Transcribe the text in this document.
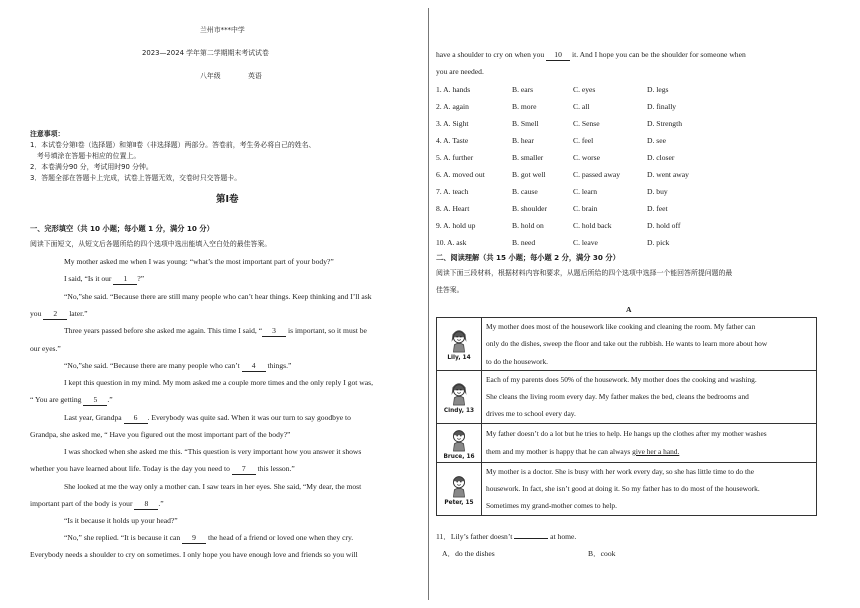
兰州市***中学
2023—2024 学年第二学期期末考试试卷
八年级	英语
注意事项：
1．本试卷分第Ⅰ卷（选择题）和第Ⅱ卷（非选择题）两部分。答卷前，考生务必将自己的姓名、
　考号填涂在答题卡相应的位置上。
2．本卷满分90 分，考试用时90 分钟。
3．答题全部在答题卡上完成，试卷上答题无效，交卷时只交答题卡。
第Ⅰ卷
一、完形填空（共 10 小题；每小题 1 分，满分 10 分）
阅读下面短文，从短文后各题所给的四个选项中选出能填入空白处的最佳答案。
My mother asked me when I was young: “what’s the most important part of your body?”
I said, “Is it our 1 ?”
“No,”she said. “Because there are still many people who can’t hear things. Keep thinking and I’ll ask
you 2 later.”
Three years passed before she asked me again. This time I said, “ 3 is important, so it must be
our eyes.”
“No,”she said. “Because there are many people who can’t 4 things.”
I kept this question in my mind. My mom asked me a couple more times and the only reply I got was,
“ You are getting 5 .”
Last year, Grandpa 6 . Everybody was quite sad. When it was our turn to say goodbye to
Grandpa, she asked me, “ Have you figured out the most important part of the body?”
I was shocked when she asked me this. “This question is very important how you answer it shows
whether you have learned about life. Today is the day you need to 7 this lesson.”
She looked at me the way only a mother can. I saw tears in her eyes. She said, “My dear, the most
important part of the body is your 8 .”
“Is it because it holds up your head?”
“No,” she replied. “It is because it can 9 the head of a friend or loved one when they cry.
Everybody needs a shoulder to cry on sometimes. I only hope you have enough love and friends so you will
have a shoulder to cry on when you 10 it. And I hope you can be the shoulder for someone when
you are needed.
1. A. hands	B. ears	C. eyes	D. legs
2. A. again	B. more	C. all	D. finally
3. A. Sight	B. Smell	C. Sense	D. Strength
4. A. Taste	B. hear	C. feel	D. see
5. A. further	B. smaller	C. worse	D. closer
6. A. moved out	B. got well	C. passed away	D. went away
7. A. teach	B. cause	C. learn	D. buy
8. A. Heart	B. shoulder	C. brain	D. feet
9. A. hold up	B. hold on	C. hold back	D. hold off
10. A. ask	B. need	C. leave	D. pick
二、阅读理解（共 15 小题；每小题 2 分，满分 30 分）
阅读下面三段材料，根据材料内容和要求，从题后所给的四个选项中选择一个能回答所提问题的最
佳答案。
A
Lily, 14	My mother does most of the housework like cooking and cleaning the room. My father can
only do the dishes, sweep the floor and take out the rubbish. He wants to learn more about how
to do the housework.

Cindy, 13	Each of my parents does 50% of the housework. My mother does the cooking and washing.
She cleans the living room every day. My father makes the bed, cleans the bedrooms and
drives me to school every day.

Bruce, 16	My father doesn’t do a lot but he tries to help. He hangs up the clothes after my mother washes
them and my mother is happy that he can always give her a hand.

Peter, 15	My mother is a doctor. She is busy with her work every day, so she has little time to do the
housework. In fact, she isn’t good at doing it. So my father has to do most of the housework.
Sometimes my grand-mother comes to help.
11．Lily’s father doesn’t	at home.
A．do the dishes	B．cook
